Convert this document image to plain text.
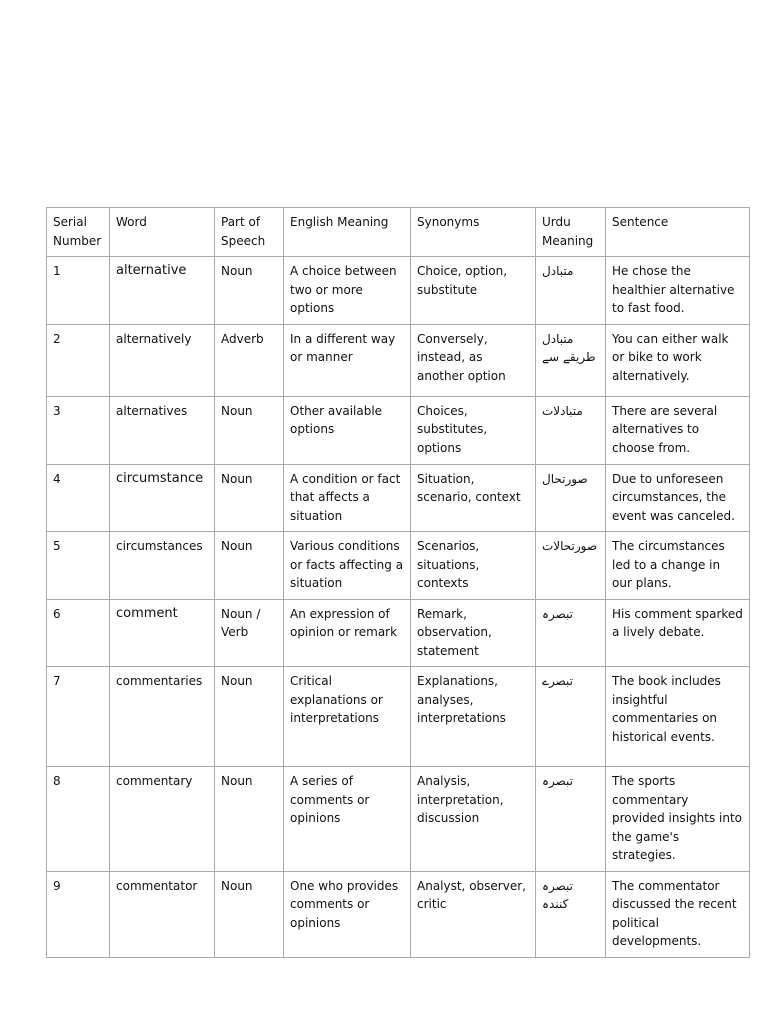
Serial Number	Word	Part of Speech	English Meaning	Synonyms	Urdu Meaning	Sentence
1	alternative	Noun	A choice between two or more options	Choice, option, substitute	متبادل	He chose the healthier alternative to fast food.
2	alternatively	Adverb	In a different way or manner	Conversely, instead, as another option	متبادل طریقے سے	You can either walk or bike to work alternatively.
3	alternatives	Noun	Other available options	Choices, substitutes, options	متبادلات	There are several alternatives to choose from.
4	circumstance	Noun	A condition or fact that affects a situation	Situation, scenario, context	صورتحال	Due to unforeseen circumstances, the event was canceled.
5	circumstances	Noun	Various conditions or facts affecting a situation	Scenarios, situations, contexts	صورتحالات	The circumstances led to a change in our plans.
6	comment	Noun / Verb	An expression of opinion or remark	Remark, observation, statement	تبصرہ	His comment sparked a lively debate.
7	commentaries	Noun	Critical explanations or interpretations	Explanations, analyses, interpretations	تبصرے	The book includes insightful commentaries on historical events.
8	commentary	Noun	A series of comments or opinions	Analysis, interpretation, discussion	تبصرہ	The sports commentary provided insights into the game's strategies.
9	commentator	Noun	One who provides comments or opinions	Analyst, observer, critic	تبصرہ کنندہ	The commentator discussed the recent political developments.
